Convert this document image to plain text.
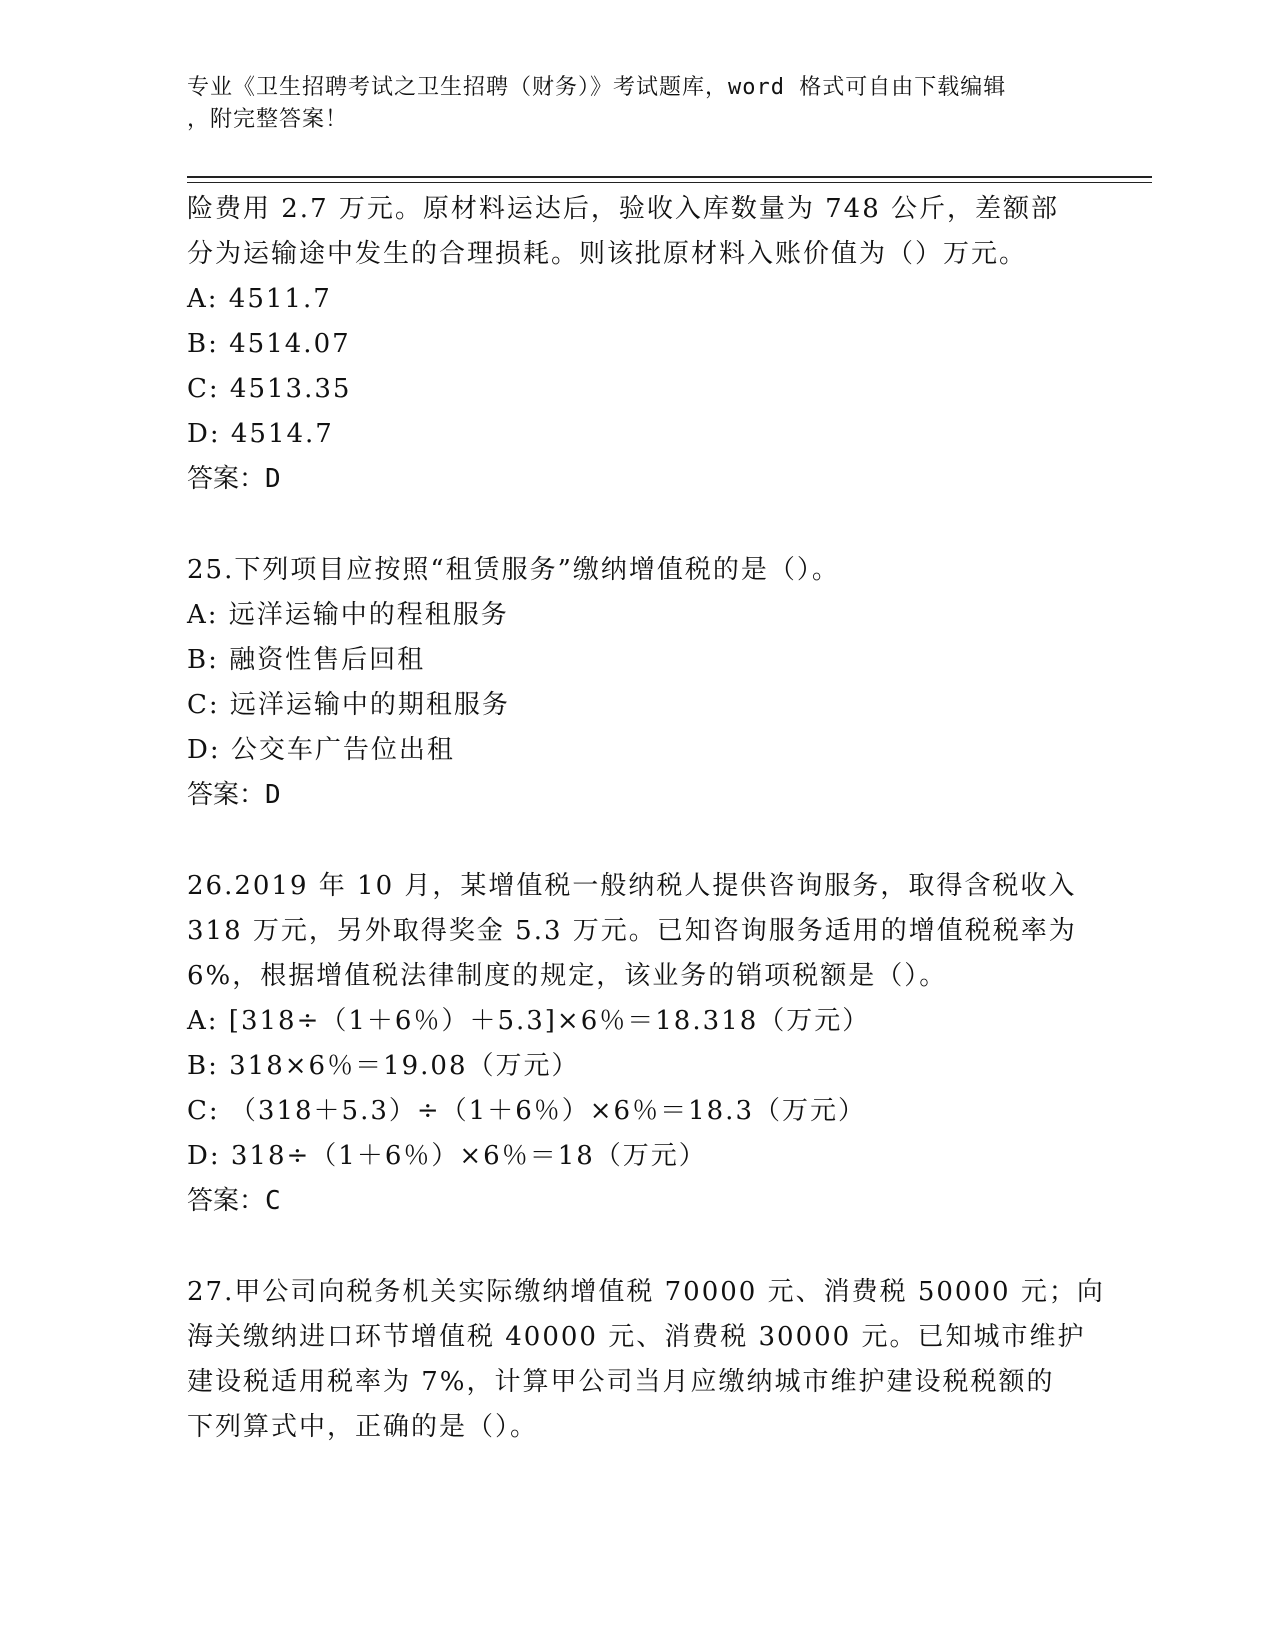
专业《卫生招聘考试之卫生招聘（财务）》考试题库，word 格式可自由下载编辑
，附完整答案！
险费用 2.7 万元。原材料运达后，验收入库数量为 748 公斤，差额部
分为运输途中发生的合理损耗。则该批原材料入账价值为（）万元。
A: 4511.7
B: 4514.07
C: 4513.35
D: 4514.7
答案：D
25.下列项目应按照“租赁服务”缴纳增值税的是（）。
A: 远洋运输中的程租服务
B: 融资性售后回租
C: 远洋运输中的期租服务
D: 公交车广告位出租
答案：D
26.2019 年 10 月，某增值税一般纳税人提供咨询服务，取得含税收入
318 万元，另外取得奖金 5.3 万元。已知咨询服务适用的增值税税率为
6%，根据增值税法律制度的规定，该业务的销项税额是（）。
A: [318÷（1＋6％）＋5.3]×6％＝18.318（万元）
B: 318×6％＝19.08（万元）
C: （318＋5.3）÷（1＋6％）×6％＝18.3（万元）
D: 318÷（1＋6％）×6％＝18（万元）
答案：C
27.甲公司向税务机关实际缴纳增值税 70000 元、消费税 50000 元；向
海关缴纳进口环节增值税 40000 元、消费税 30000 元。已知城市维护
建设税适用税率为 7%，计算甲公司当月应缴纳城市维护建设税税额的
下列算式中，正确的是（）。
